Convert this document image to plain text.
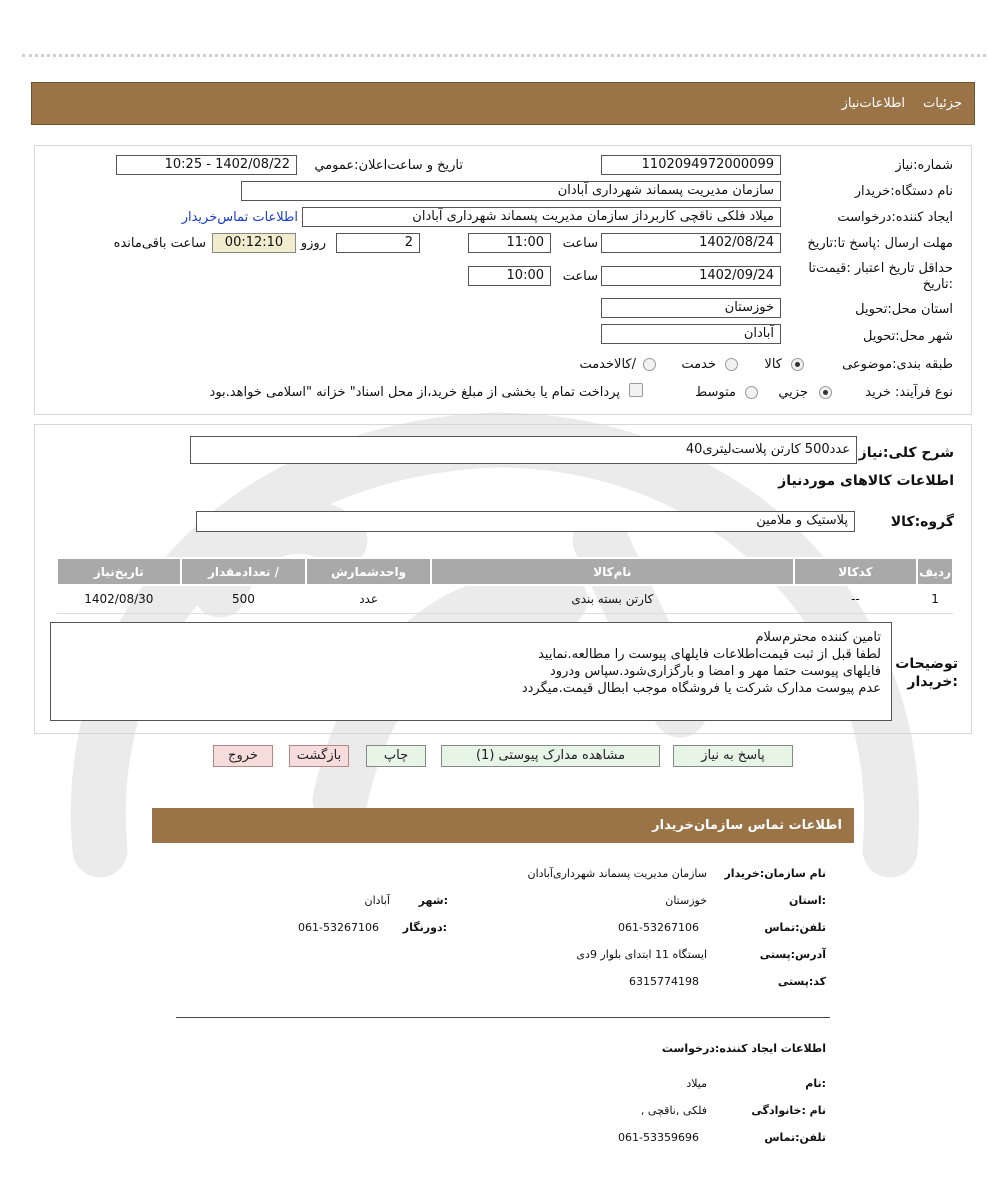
جزئیات
اطلاعات‌نیاز
شماره:نیاز
1102094972000099
تاریخ و ساعت‌اعلان:عمومي
1402/08/22 - 10:25
نام دستگاه:خریدار
سازمان مدیریت پسماند شهرداری آبادان
ایجاد کننده:درخواست
میلاد فلکی ناقچی کاربرداز سازمان مدیریت پسماند شهرداری آبادان
اطلاعات تماس‌خریدار
مهلت ارسال :پاسخ تا:تاریخ
1402/08/24
ساعت
11:00
2
روزو
00:12:10
ساعت باقی‌مانده
حداقل تاریخ اعتبار :قیمت‌تا
:تاریخ
1402/09/24
ساعت
10:00
استان محل:تحویل
خوزستان
شهر محل:تحویل
آبادان
طبقه بندی:موضوعی
کالا
خدمت
/کالاخدمت
نوع فرآیند: خرید
جزیي
متوسط
پرداخت تمام یا بخشی از مبلغ خرید،از محل اسناد" خزانه "اسلامی خواهد.بود
شرح کلی:نیاز
عدد500 کارتن پلاست‌لیتری40
اطلاعات کالاهای موردنیاز
گروه:کالا
پلاستیک و ملامین
ردیف	کدکالا	نام‌کالا	واحدشمارش	/ تعدادمقدار	تاریخ‌نیاز
1	--	کارتن بسته بندی	عدد	500	1402/08/30
توضیحات
:خریدار
تامین کننده محترم‌سلام
لطفا قبل از ثبت قیمت‌اطلاعات فایلهای پیوست را مطالعه.نمایید
فایلهای پیوست حتما مهر و امضا و بارگزاری‌شود.سپاس ودرود
عدم پیوست مدارک شرکت یا فروشگاه موجب ابطال قیمت.میگردد
پاسخ به نیاز
مشاهده مدارک پیوستی (1)
چاپ
بازگشت
خروج
اطلاعات تماس سازمان‌خریدار
نام سازمان:خریدار
سازمان مدیریت پسماند شهرداری‌آبادان
:استان
خوزستان
:شهر
آبادان
تلفن:تماس
061-53267106
:دورنگار
061-53267106
آدرس:پستی
ایستگاه 11 ابتدای بلوار 9دی
کد:پستی
6315774198
اطلاعات ایجاد کننده:درخواست
:نام
میلاد
نام :خانوادگی
فلکی ,ناقچی ,
تلفن:تماس
061-53359696
